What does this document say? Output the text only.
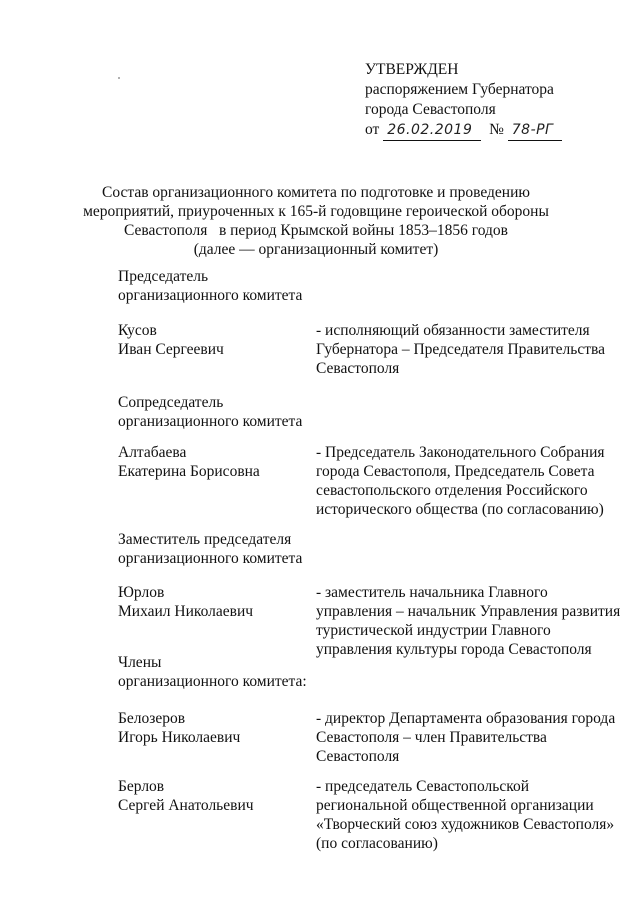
УТВЕРЖДЕН
распоряжением Губернатора
города Севастополя
от 26.02.2019 № 78-РГ
Состав организационного комитета по подготовке и проведению
мероприятий, приуроченных к 165-й годовщине героической обороны
Севастополя   в период Крымской войны 1853–1856 годов
(далее — организационный комитет)
Председатель
организационного комитета
Кусов
Иван Сергеевич
- исполняющий обязанности заместителя
Губернатора – Председателя Правительства
Севастополя
Сопредседатель
организационного комитета
Алтабаева
Екатерина Борисовна
- Председатель Законодательного Собрания
города Севастополя, Председатель Совета
севастопольского отделения Российского
исторического общества (по согласованию)
Заместитель председателя
организационного комитета
Юрлов
Михаил Николаевич
- заместитель начальника Главного
управления – начальник Управления развития
туристической индустрии Главного
управления культуры города Севастополя
Члены
организационного комитета:
Белозеров
Игорь Николаевич
- директор Департамента образования города
Севастополя – член Правительства
Севастополя
Берлов
Сергей Анатольевич
- председатель Севастопольской
региональной общественной организации
«Творческий союз художников Севастополя»
(по согласованию)
